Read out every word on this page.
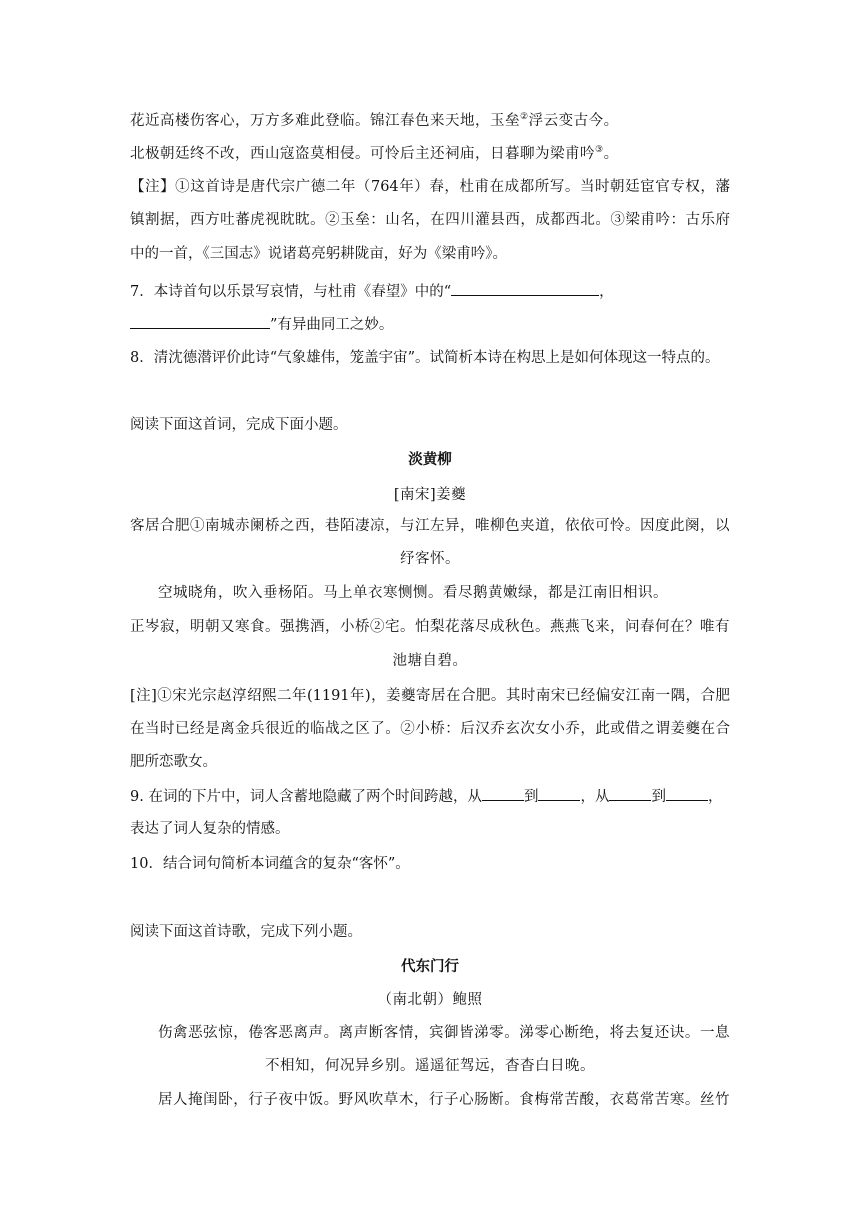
花近高楼伤客心，万方多难此登临。锦江春色来天地，玉垒②浮云变古今。
北极朝廷终不改，西山寇盗莫相侵。可怜后主还祠庙，日暮聊为梁甫吟③。
【注】①这首诗是唐代宗广德二年（764年）春，杜甫在成都所写。当时朝廷宦官专权，藩
镇割据，西方吐蕃虎视眈眈。②玉垒：山名，在四川灌县西，成都西北。③梁甫吟：古乐府
中的一首，《三国志》说诸葛亮躬耕陇亩，好为《梁甫吟》。
7．本诗首句以乐景写哀情，与杜甫《春望》中的“	，
”有异曲同工之妙。
8．清沈德潜评价此诗“气象雄伟，笼盖宇宙”。试简析本诗在构思上是如何体现这一特点的。
阅读下面这首词，完成下面小题。
淡黄柳
[南宋]姜夔
客居合肥①南城赤阑桥之西，巷陌凄凉，与江左异，唯柳色夹道，依依可怜。因度此阕，以
纾客怀。
空城晓角，吹入垂杨陌。马上单衣寒恻恻。看尽鹅黄嫩绿，都是江南旧相识。
正岑寂，明朝又寒食。强携酒，小桥②宅。怕梨花落尽成秋色。燕燕飞来，问春何在？唯有
池塘自碧。
[注]①宋光宗赵淳绍熙二年(1191年)，姜夔寄居在合肥。其时南宋已经偏安江南一隅，合肥
在当时已经是离金兵很近的临战之区了。②小桥：后汉乔玄次女小乔，此或借之谓姜夔在合
肥所恋歌女。
9. 在词的下片中，词人含蓄地隐藏了两个时间跨越，从	到	，从	到	，
表达了词人复杂的情感。
10．结合词句简析本词蕴含的复杂“客怀”。
阅读下面这首诗歌，完成下列小题。
代东门行
（南北朝）鲍照
伤禽恶弦惊，倦客恶离声。离声断客情，宾御皆涕零。涕零心断绝，将去复还诀。一息
不相知，何况异乡别。遥遥征驾远，杳杳白日晚。
居人掩闺卧，行子夜中饭。野风吹草木，行子心肠断。食梅常苦酸，衣葛常苦寒。丝竹
